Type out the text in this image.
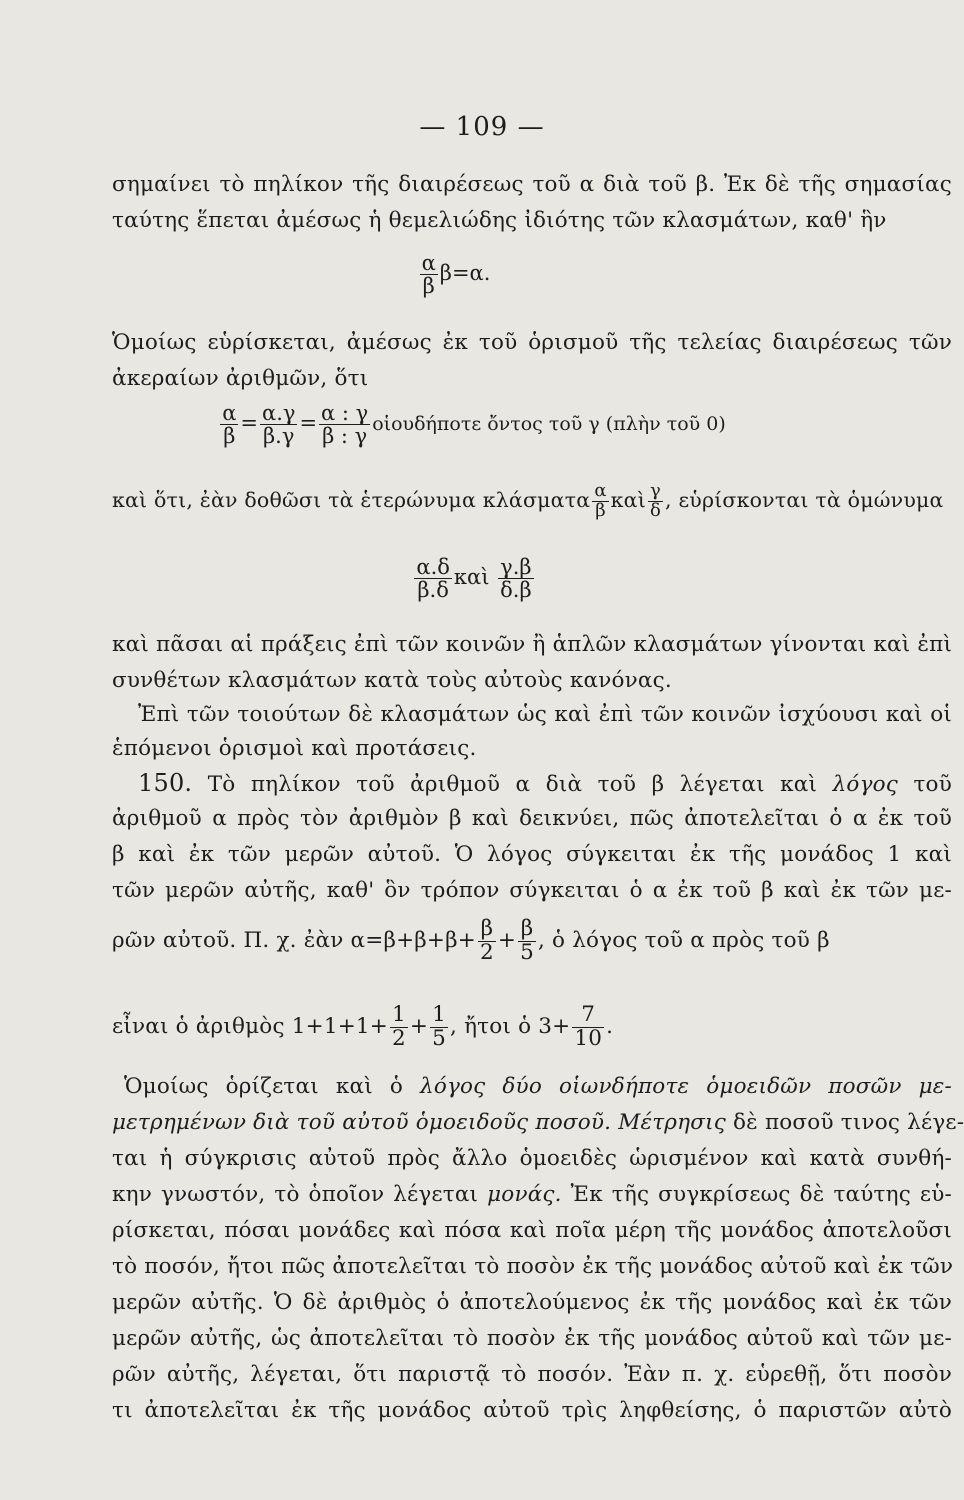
— 109 —
σημαίνει τὸ πηλίκον τῆς διαιρέσεως τοῦ α διὰ τοῦ β. Ἐκ δὲ τῆς σημασίας
ταύτης ἕπεται ἀμέσως ἡ θεμελιώδης ἰδιότης τῶν κλασμάτων, καθ' ἣν
$\frac{\alpha}{\beta} \beta=\alpha$.
Ὁμοίως εὑρίσκεται, ἀμέσως ἐκ τοῦ ὁρισμοῦ τῆς τελείας διαιρέσεως τῶν
ἀκεραίων ἀριθμῶν, ὅτι
$\frac{\alpha}{\beta} = \frac{\alpha.\gamma}{\beta.\gamma} = \frac{\alpha : \gamma}{\beta : \gamma}$ οἱουδήποτε ὄντος τοῦ γ (πλὴν τοῦ 0)
καὶ ὅτι, ἐὰν δοθῶσι τὰ ἑτερώνυμα κλάσματα $\frac{\alpha}{\beta}$ καὶ $\frac{\gamma}{\delta}$ , εὑρίσκονται τὰ ὁμώνυμα
$\frac{\alpha.\delta}{\beta.\delta}$ καὶ $\frac{\gamma.\beta}{\delta.\beta}$
καὶ πᾶσαι αἱ πράξεις ἐπὶ τῶν κοινῶν ἢ ἁπλῶν κλασμάτων γίνονται καὶ ἐπὶ
συνθέτων κλασμάτων κατὰ τοὺς αὐτοὺς κανόνας.
Ἐπὶ τῶν τοιούτων δὲ κλασμάτων ὡς καὶ ἐπὶ τῶν κοινῶν ἰσχύουσι καὶ οἱ
ἑπόμενοι ὁρισμοὶ καὶ προτάσεις.
150. Τὸ πηλίκον τοῦ ἀριθμοῦ α διὰ τοῦ β λέγεται καὶ λόγος τοῦ
ἀριθμοῦ α πρὸς τὸν ἀριθμὸν β καὶ δεικνύει, πῶς ἀποτελεῖται ὁ α ἐκ τοῦ
β καὶ ἐκ τῶν μερῶν αὐτοῦ. Ὁ λόγος σύγκειται ἐκ τῆς μονάδος 1 καὶ
τῶν μερῶν αὐτῆς, καθ' ὃν τρόπον σύγκειται ὁ α ἐκ τοῦ β καὶ ἐκ τῶν με-
ρῶν αὐτοῦ. Π. χ. ἐὰν $\alpha=\beta+\beta+\beta+ \frac{\beta}{2} + \frac{\beta}{5}$ , ὁ λόγος τοῦ α πρὸς τοῦ β
εἶναι ὁ ἀριθμὸς $1+1+1+ \frac{1}{2} + \frac{1}{5}$ , ἤτοι ὁ $3+ \frac{7}{10}$ .
Ὁμοίως ὁρίζεται καὶ ὁ λόγος δύο οἱωνδήποτε ὁμοειδῶν ποσῶν με-
μετρημένων διὰ τοῦ αὐτοῦ ὁμοειδοῦς ποσοῦ. Μέτρησις δὲ ποσοῦ τινος λέγε-
ται ἡ σύγκρισις αὐτοῦ πρὸς ἄλλο ὁμοειδὲς ὡρισμένον καὶ κατὰ συνθή-
κην γνωστόν, τὸ ὁποῖον λέγεται μονάς. Ἐκ τῆς συγκρίσεως δὲ ταύτης εὑ-
ρίσκεται, πόσαι μονάδες καὶ πόσα καὶ ποῖα μέρη τῆς μονάδος ἀποτελοῦσι
τὸ ποσόν, ἤτοι πῶς ἀποτελεῖται τὸ ποσὸν ἐκ τῆς μονάδος αὐτοῦ καὶ ἐκ τῶν
μερῶν αὐτῆς. Ὁ δὲ ἀριθμὸς ὁ ἀποτελούμενος ἐκ τῆς μονάδος καὶ ἐκ τῶν
μερῶν αὐτῆς, ὡς ἀποτελεῖται τὸ ποσὸν ἐκ τῆς μονάδος αὐτοῦ καὶ τῶν με-
ρῶν αὐτῆς, λέγεται, ὅτι παριστᾷ τὸ ποσόν. Ἐὰν π. χ. εὑρεθῇ, ὅτι ποσὸν
τι ἀποτελεῖται ἐκ τῆς μονάδος αὐτοῦ τρὶς ληφθείσης, ὁ παριστῶν αὐτὸ
